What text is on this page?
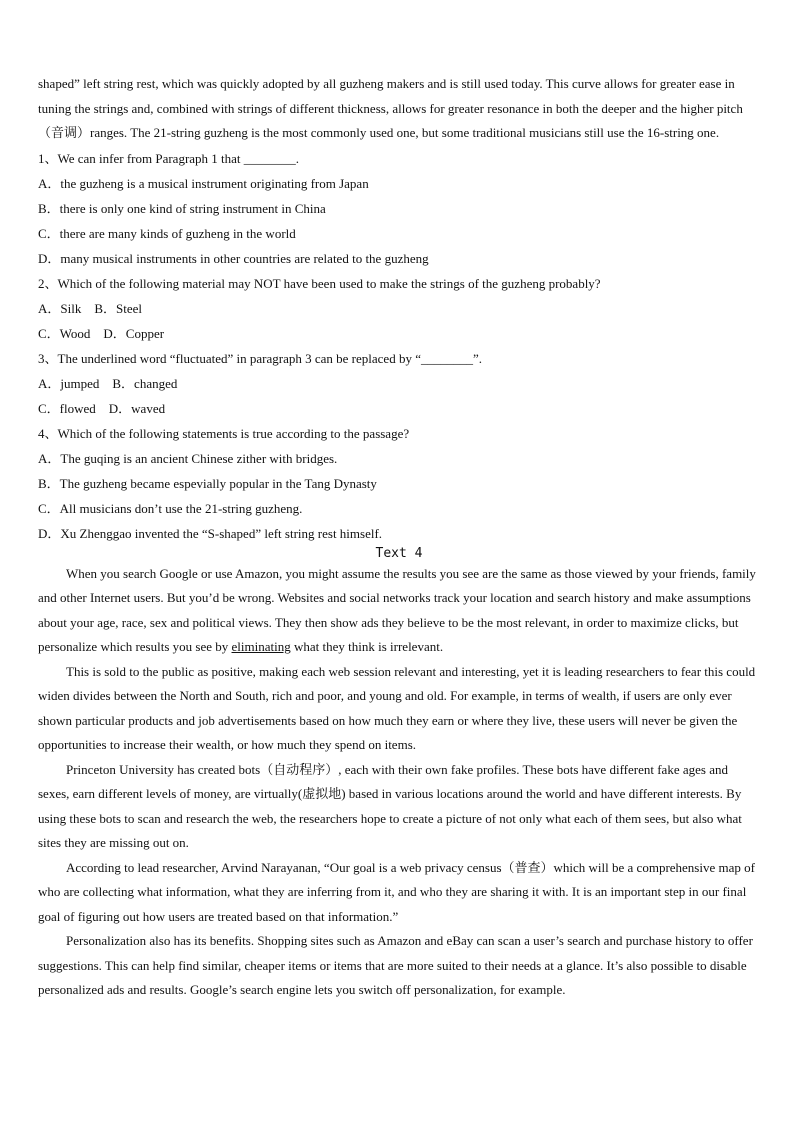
shaped” left string rest, which was quickly adopted by all guzheng makers and is still used today. This curve allows for greater ease in tuning the strings and, combined with strings of different thickness, allows for greater resonance in both the deeper and the higher pitch（音调）ranges. The 21-string guzheng is the most commonly used one, but some traditional musicians still use the 16-string one.

1、We can infer from Paragraph 1 that ________.

A．the guzheng is a musical instrument originating from Japan

B．there is only one kind of string instrument in China

C．there are many kinds of guzheng in the world

D．many musical instruments in other countries are related to the guzheng

2、Which of the following material may NOT have been used to make the strings of the guzheng probably?

A．Silk    B．Steel

C．Wood    D．Copper

3、The underlined word “fluctuated” in paragraph 3 can be replaced by “________”.

A．jumped    B．changed

C．flowed    D．waved

4、Which of the following statements is true according to the passage?

A．The guqing is an ancient Chinese zither with bridges.

B．The guzheng became espevially popular in the Tang Dynasty

C．All musicians don’t use the 21-string guzheng.

D．Xu Zhenggao invented the “S-shaped” left string rest himself.

Text 4

When you search Google or use Amazon, you might assume the results you see are the same as those viewed by your friends, family and other Internet users. But you’d be wrong. Websites and social networks track your location and search history and make assumptions about your age, race, sex and political views. They then show ads they believe to be the most relevant, in order to maximize clicks, but personalize which results you see by eliminating what they think is irrelevant.

This is sold to the public as positive, making each web session relevant and interesting, yet it is leading researchers to fear this could widen divides between the North and South, rich and poor, and young and old. For example, in terms of wealth, if users are only ever shown particular products and job advertisements based on how much they earn or where they live, these users will never be given the opportunities to increase their wealth, or how much they spend on items.

Princeton University has created bots（自动程序）, each with their own fake profiles. These bots have different fake ages and sexes, earn different levels of money, are virtually(虚拟地) based in various locations around the world and have different interests. By using these bots to scan and research the web, the researchers hope to create a picture of not only what each of them sees, but also what sites they are missing out on.

According to lead researcher, Arvind Narayanan, “Our goal is a web privacy census（普查）which will be a comprehensive map of who are collecting what information, what they are inferring from it, and who they are sharing it with. It is an important step in our final goal of figuring out how users are treated based on that information.”

Personalization also has its benefits. Shopping sites such as Amazon and eBay can scan a user’s search and purchase history to offer suggestions. This can help find similar, cheaper items or items that are more suited to their needs at a glance. It’s also possible to disable personalized ads and results. Google’s search engine lets you switch off personalization, for example.
